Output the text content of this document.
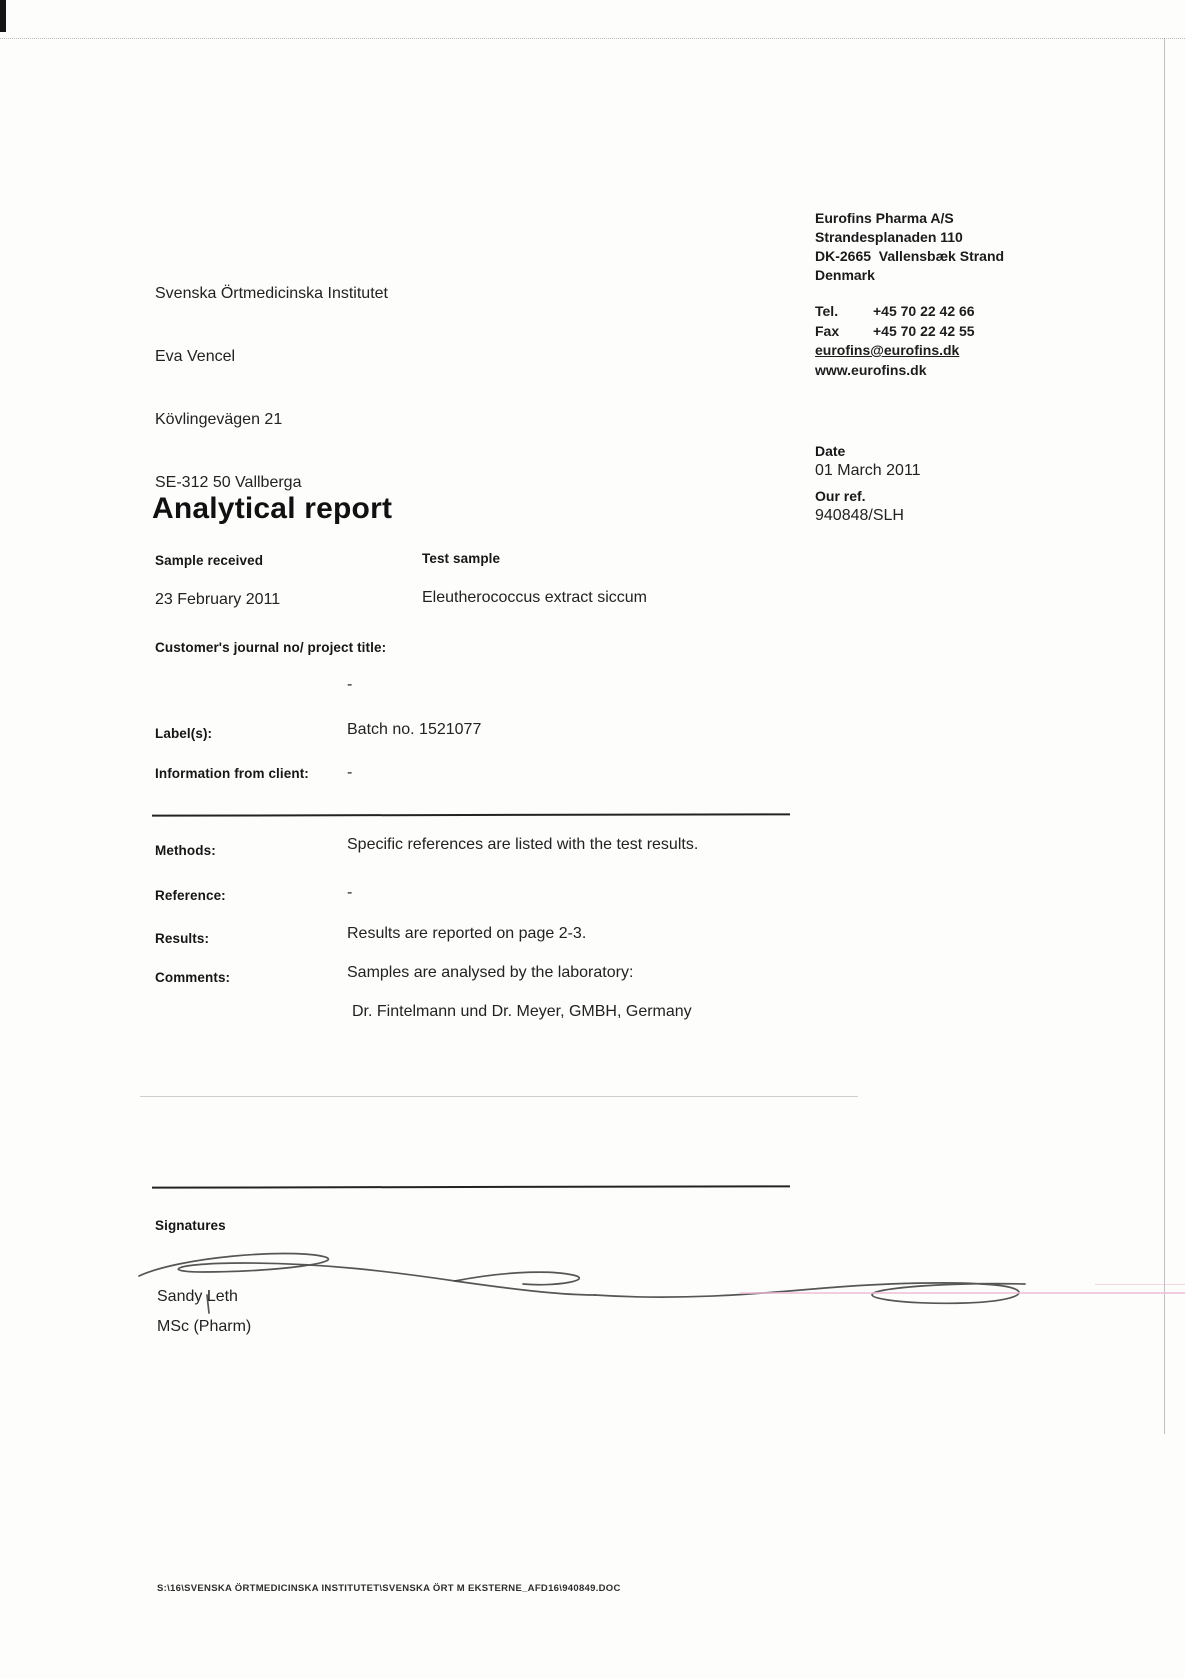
Svenska Örtmedicinska Institutet

Eva Vencel

Kövlingevägen 21

SE-312 50 Vallberga

Eurofins Pharma A/S
Strandesplanaden 110
DK-2665  Vallensbæk Strand
Denmark
Tel.	+45 70 22 42 66
Fax	+45 70 22 42 55
eurofins@eurofins.dk
www.eurofins.dk
Date
01 March 2011
Our ref.
940848/SLH
Analytical report
Sample received	Test sample
23 February 2011	Eleutherococcus extract siccum
Customer's journal no/ project title:
-
Label(s):	Batch no. 1521077
Information from client: -
Methods:	Specific references are listed with the test results.
Reference:	-
Results:	Results are reported on page 2-3.
Comments:	Samples are analysed by the laboratory:
Dr. Fintelmann und Dr. Meyer, GMBH, Germany
Signatures
Sandy Leth
MSc (Pharm)
S:\16\SVENSKA ÖRTMEDICINSKA INSTITUTET\SVENSKA ÖRT M EKSTERNE_AFD16\940849.DOC
